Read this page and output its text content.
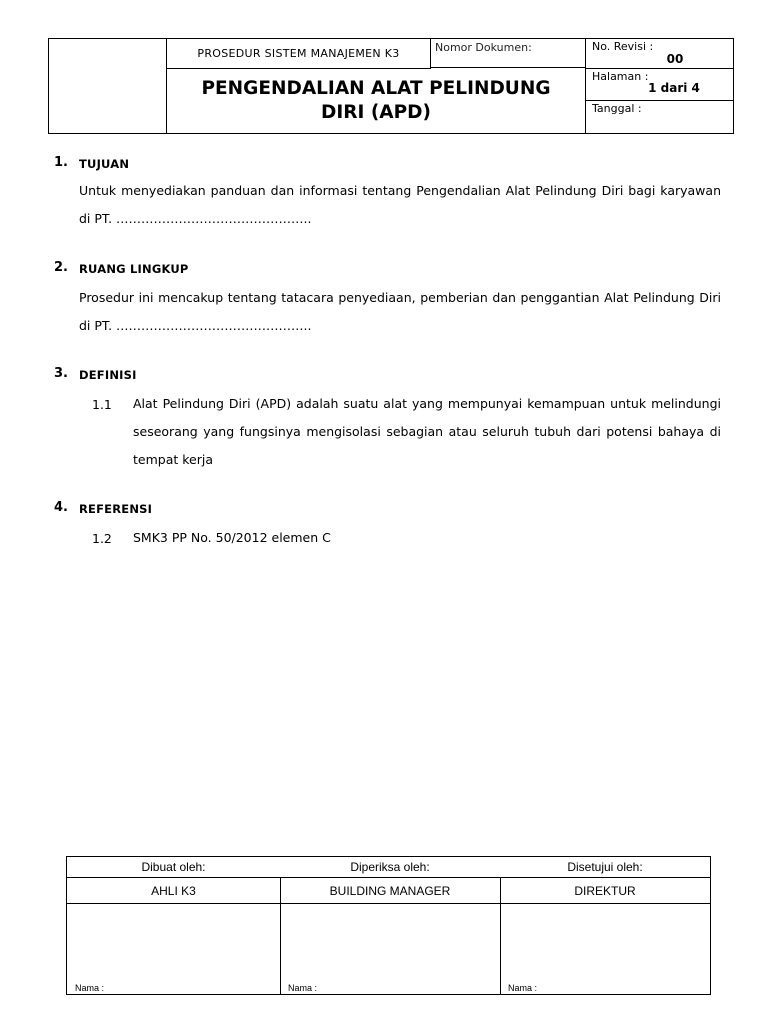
PROSEDUR SISTEM MANAJEMEN K3	Nomor Dokumen:
PENGENDALIAN ALAT PELINDUNG
DIRI (APD)
No. Revisi :
00
Halaman :
1 dari 4
Tanggal :
1. TUJUAN
Untuk menyediakan panduan dan informasi tentang Pengendalian Alat Pelindung Diri bagi karyawan di PT. ………………………………………..
2. RUANG LINGKUP
Prosedur ini mencakup tentang tatacara penyediaan, pemberian dan penggantian Alat Pelindung Diri di PT. ………………………………………..
3. DEFINISI
1.1 Alat Pelindung Diri (APD) adalah suatu alat yang mempunyai kemampuan untuk melindungi seseorang yang fungsinya mengisolasi sebagian atau seluruh tubuh dari potensi bahaya di tempat kerja
4. REFERENSI
1.2 SMK3 PP No. 50/2012 elemen C
Dibuat oleh:	Diperiksa oleh:	Disetujui oleh:
AHLI K3	BUILDING MANAGER	DIREKTUR
Nama :	Nama :	Nama :
